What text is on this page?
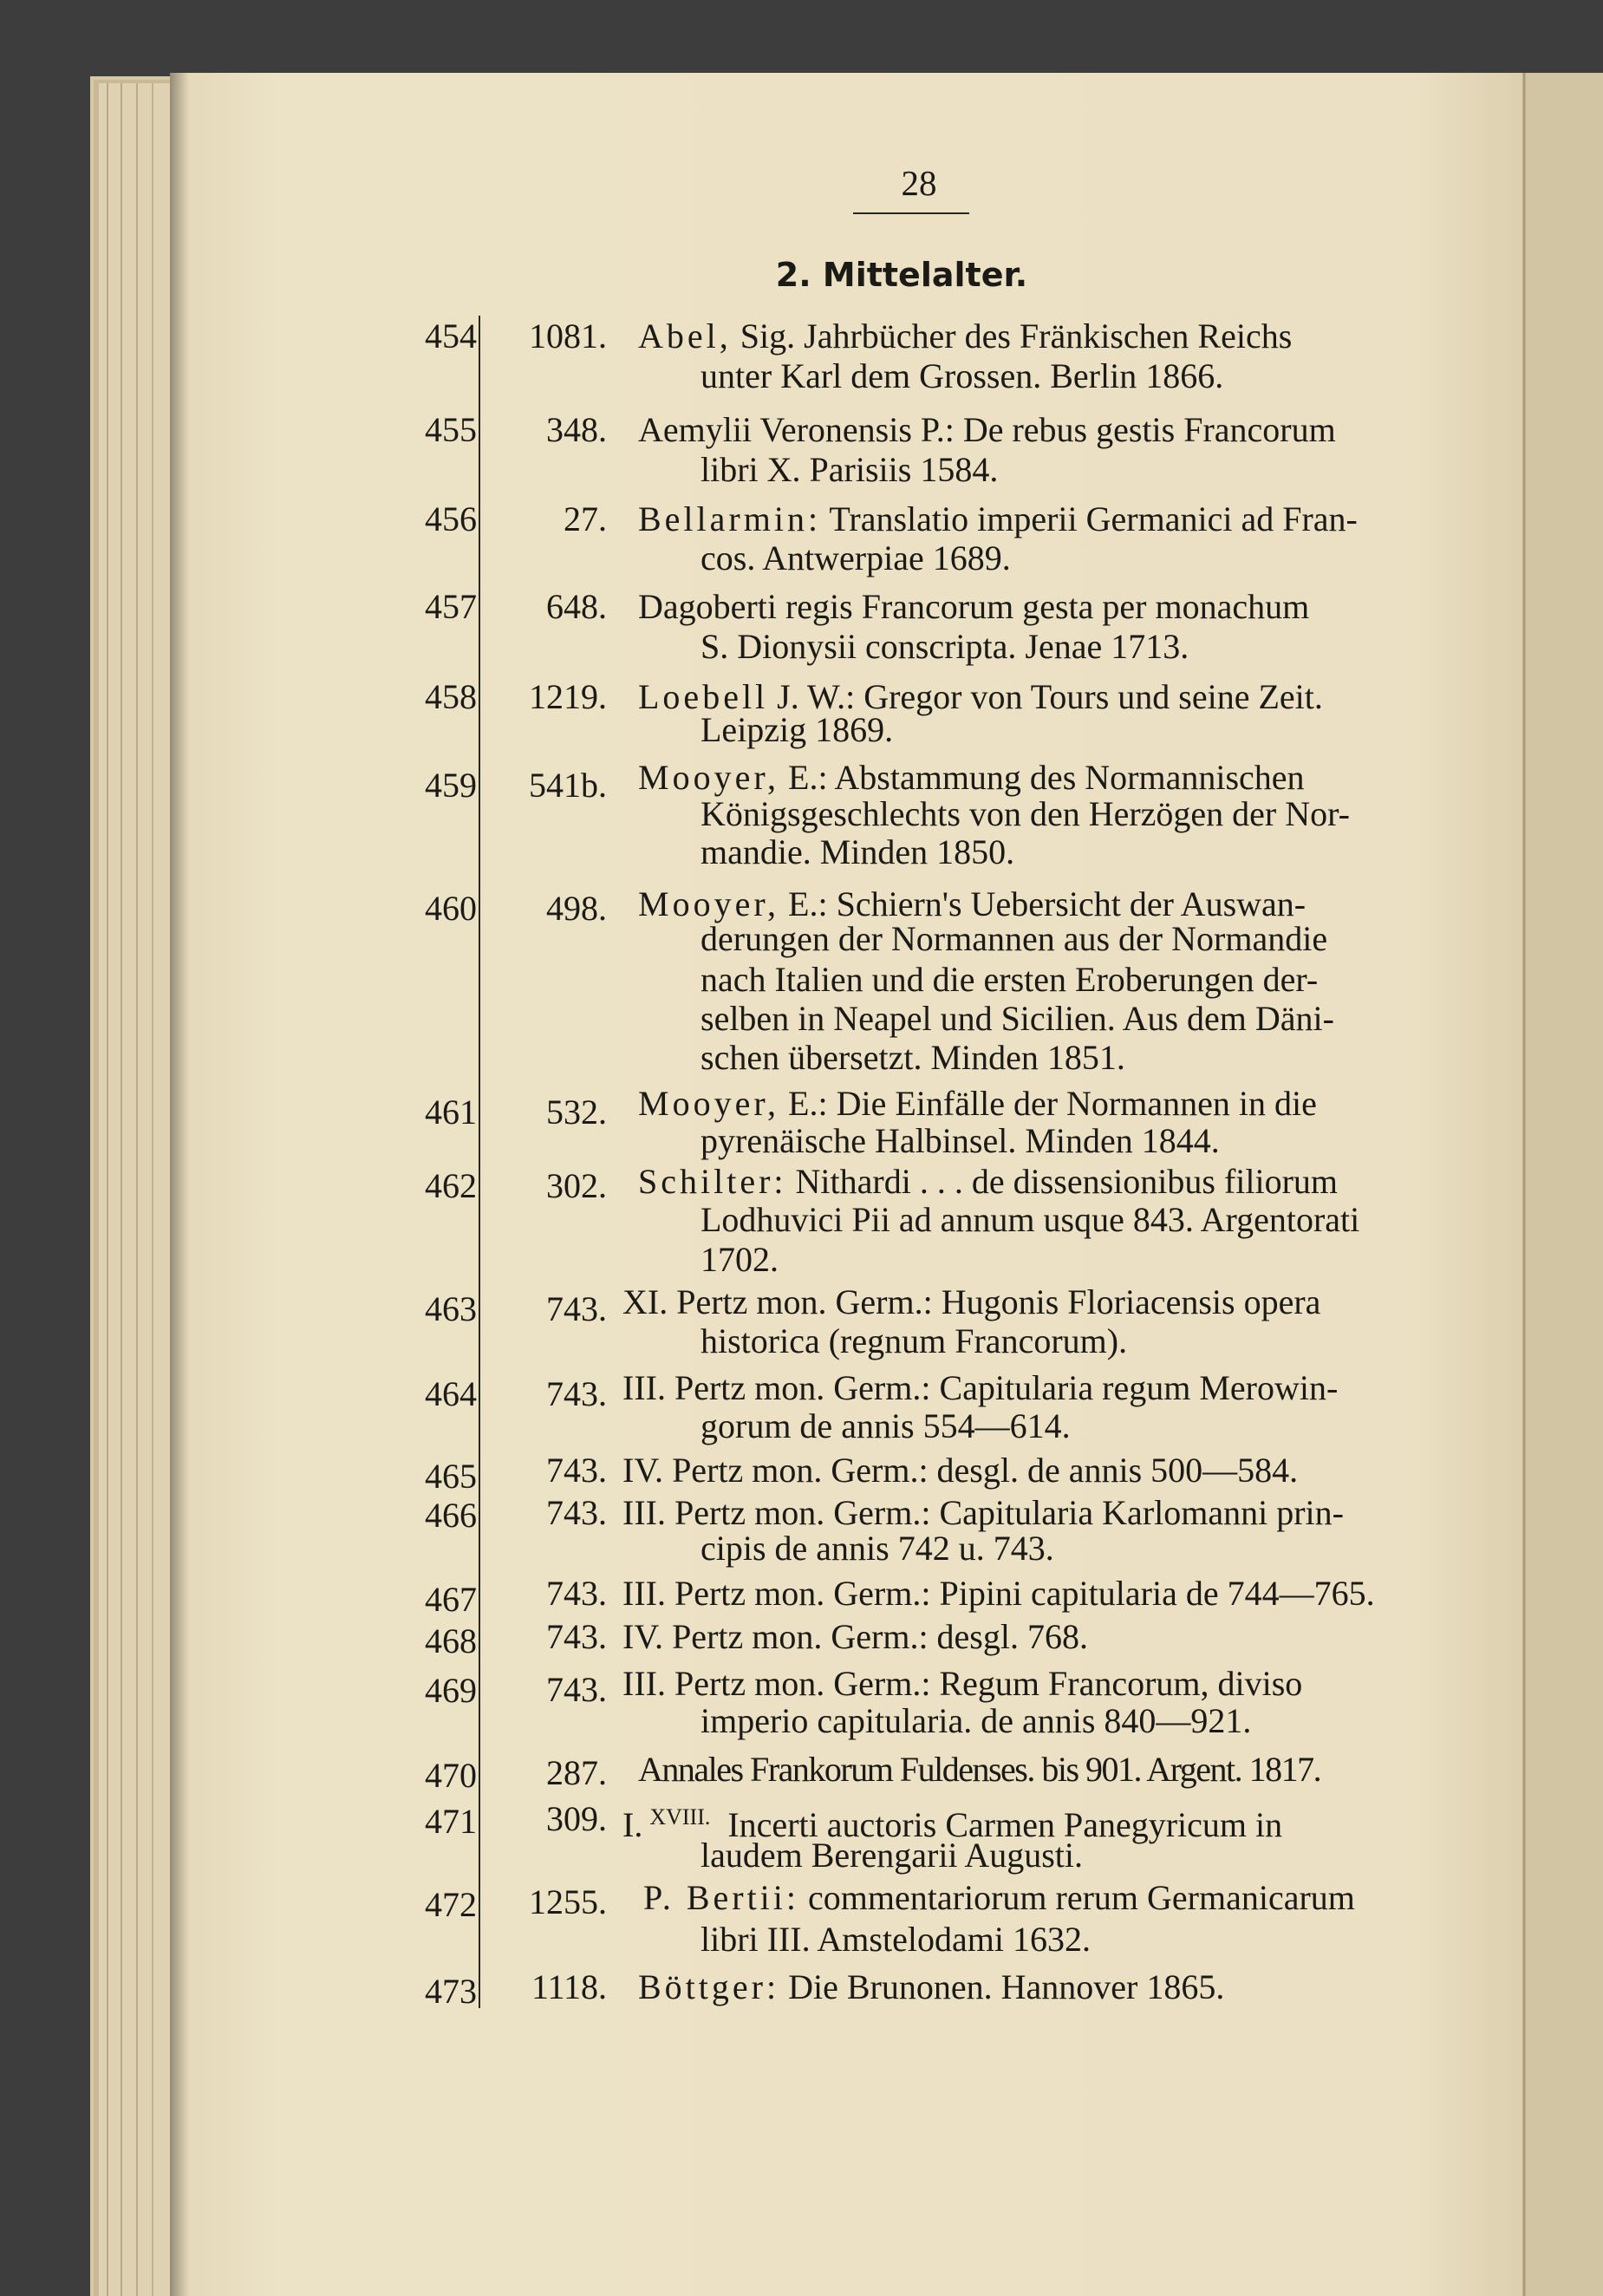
28
2. Mittelalter.
454	1081. Abel, Sig. Jahrbücher des Fränkischen Reichs
unter Karl dem Grossen. Berlin 1866.
455	348. Aemylii Veronensis P.: De rebus gestis Francorum
libri X. Parisiis 1584.
456	27. Bellarmin: Translatio imperii Germanici ad Fran-
cos. Antwerpiae 1689.
457	648. Dagoberti regis Francorum gesta per monachum
S. Dionysii conscripta. Jenae 1713.
458	1219. Loebell J. W.: Gregor von Tours und seine Zeit.
Leipzig 1869.
459	541b. Mooyer, E.: Abstammung des Normannischen
Königsgeschlechts von den Herzögen der Nor-
mandie. Minden 1850.
460	498. Mooyer, E.: Schiern's Uebersicht der Auswan-
derungen der Normannen aus der Normandie
nach Italien und die ersten Eroberungen der-
selben in Neapel und Sicilien. Aus dem Däni-
schen übersetzt. Minden 1851.
461	532. Mooyer, E.: Die Einfälle der Normannen in die
pyrenäische Halbinsel. Minden 1844.
462	302. Schilter: Nithardi . . . de dissensionibus filiorum
Lodhuvici Pii ad annum usque 843. Argentorati
1702.
463	743. XI. Pertz mon. Germ.: Hugonis Floriacensis opera
historica (regnum Francorum).
464	743. III. Pertz mon. Germ.: Capitularia regum Merowin-
gorum de annis 554—614.
465	743. IV. Pertz mon. Germ.: desgl. de annis 500—584.
466	743. III. Pertz mon. Germ.: Capitularia Karlomanni prin-
cipis de annis 742 u. 743.
467	743. III. Pertz mon. Germ.: Pipini capitularia de 744—765.
468	743. IV. Pertz mon. Germ.: desgl. 768.
469	743. III. Pertz mon. Germ.: Regum Francorum, diviso
imperio capitularia. de annis 840—921.
470	287. Annales Frankorum Fuldenses. bis 901. Argent. 1817.
471	309. I. $^{XVIII.}$ Incerti auctoris Carmen Panegyricum in
laudem Berengarii Augusti.
472	1255. P. Bertii: commentariorum rerum Germanicarum
libri III. Amstelodami 1632.
473	1118. Böttger: Die Brunonen. Hannover 1865.
